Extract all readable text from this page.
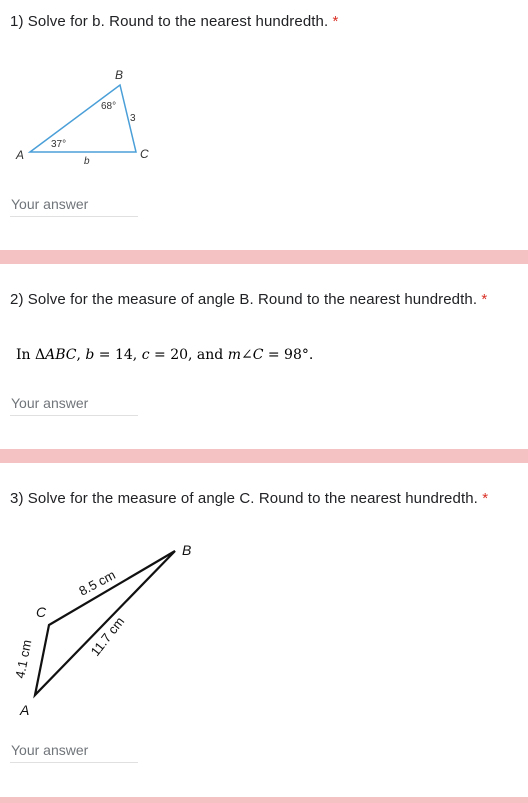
1) Solve for b. Round to the nearest hundredth. *
A
B
C
37°
68°
3
b
Your answer
2) Solve for the measure of angle B. Round to the nearest hundredth. *
In ΔABC, b = 14, c = 20, and m∠C = 98°.
Your answer
3) Solve for the measure of angle C. Round to the nearest hundredth. *
A
B
C
8.5 cm
11.7 cm
4.1 cm
Your answer
